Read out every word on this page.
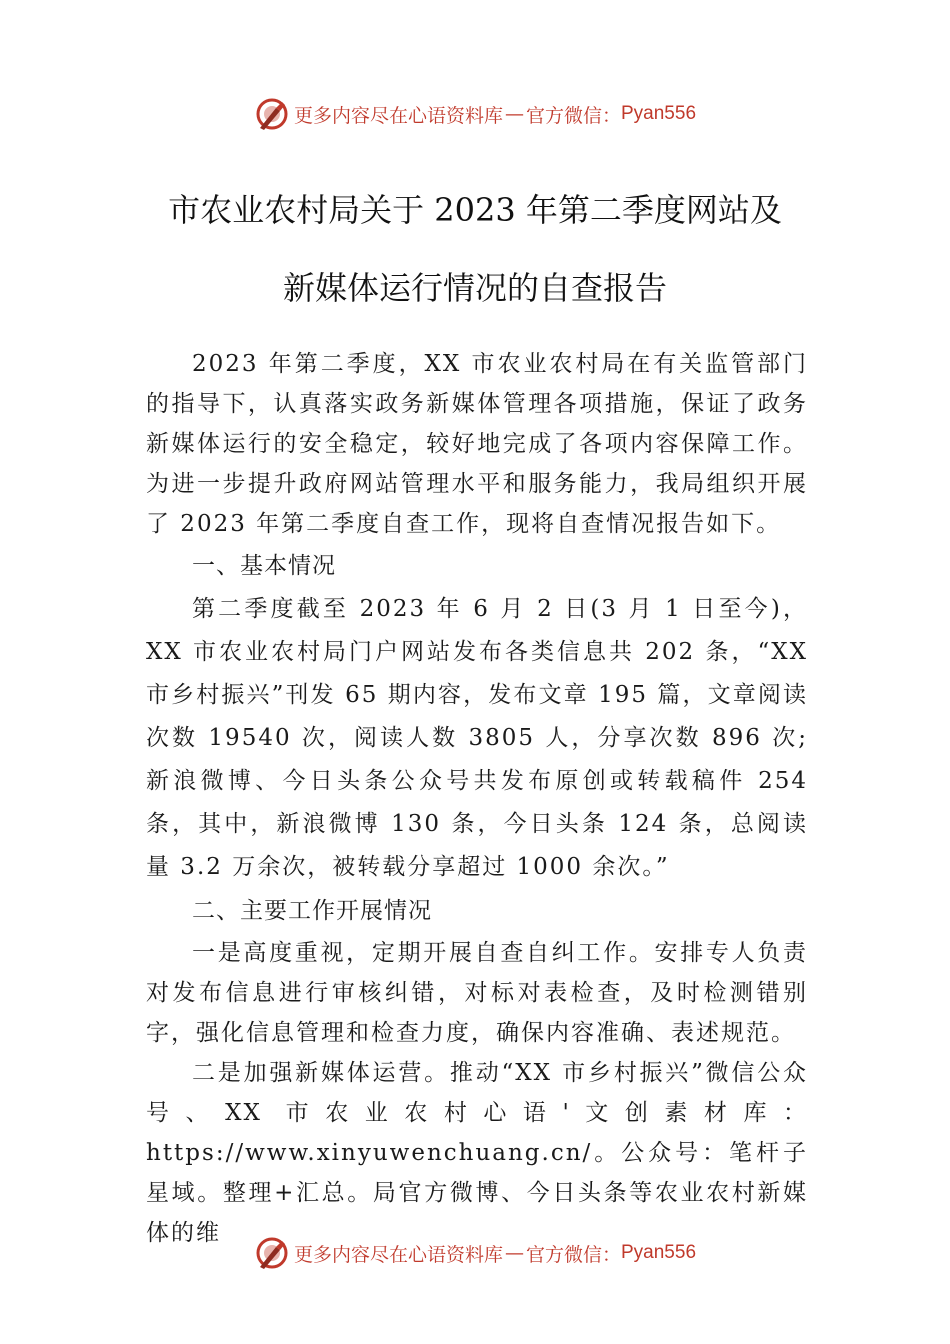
更多内容尽在心语资料库 — 官方微信： Pyan556
市农业农村局关于 2023 年第二季度网站及
新媒体运行情况的自查报告

2023 年第二季度，XX 市农业农村局在有关监管部门的指导下，认真落实政务新媒体管理各项措施，保证了政务新媒体运行的安全稳定，较好地完成了各项内容保障工作。为进一步提升政府网站管理水平和服务能力，我局组织开展了 2023 年第二季度自查工作，现将自查情况报告如下。

一、基本情况

第二季度截至 2023 年 6 月 2 日(3 月 1 日至今)，XX 市农业农村局门户网站发布各类信息共 202 条，“XX 市乡村振兴”刊发 65 期内容，发布文章 195 篇，文章阅读次数 19540 次，阅读人数 3805 人，分享次数 896 次;新浪微博、今日头条公众号共发布原创或转载稿件 254 条，其中，新浪微博 130 条，今日头条 124 条，总阅读量 3.2 万余次，被转载分享超过 1000 余次。”

二、主要工作开展情况

一是高度重视，定期开展自查自纠工作。安排专人负责对发布信息进行审核纠错，对标对表检查，及时检测错别字，强化信息管理和检查力度，确保内容准确、表述规范。

二是加强新媒体运营。推动“XX 市乡村振兴”微信公众号、XX 市农业农村心语'文创素材库：https://www.xinyuwenchuang.cn/。公众号：笔杆子星域。整理+汇总。局官方微博、今日头条等农业农村新媒体的维

更多内容尽在心语资料库 — 官方微信： Pyan556
